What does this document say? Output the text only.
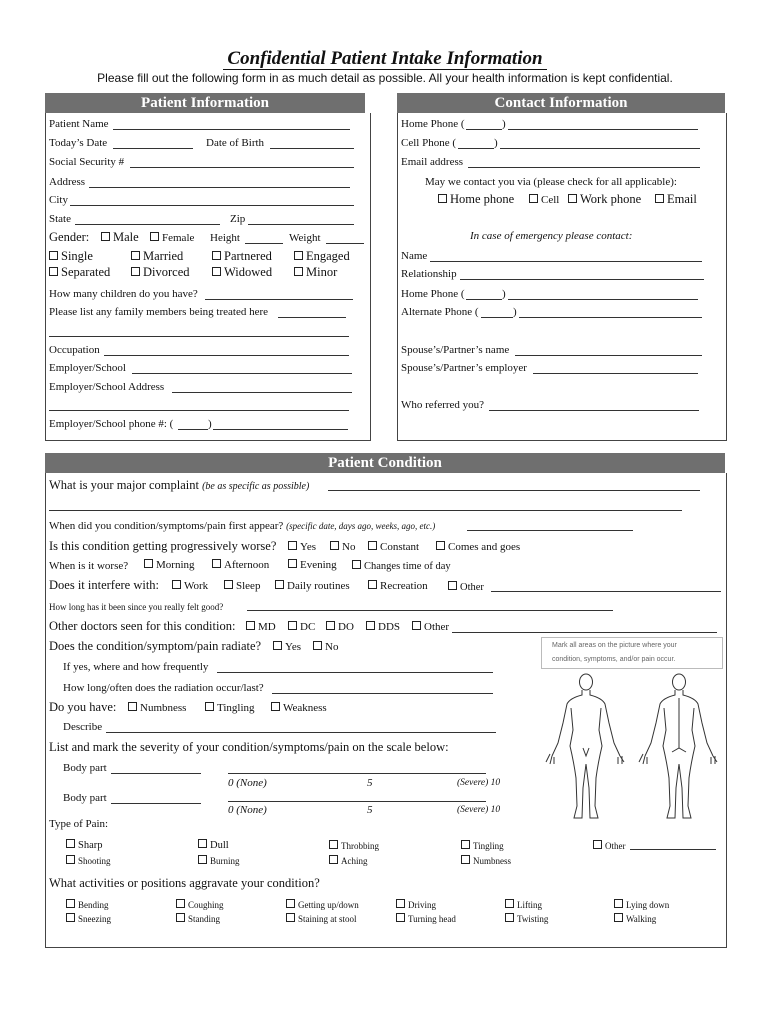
Confidential Patient Intake Information
Please fill out the following form in as much detail as possible. All your health information is kept confidential.
Patient Information
Patient Name
Today’s Date	Date of Birth
Social Security #
Address
City
State	Zip
Gender:	Male	Female Height	Weight
Single	Married	Partnered	Engaged
Separated	Divorced	Widowed	Minor
How many children do you have?
Please list any family members being treated here
Occupation
Employer/School
Employer/School Address
Employer/School phone #: (	)
Contact Information
Home Phone (	)
Cell Phone (	)
Email address
May we contact you via (please check for all applicable):
Home phone	Cell	Work phone	Email
In case of emergency please contact:
Name
Relationship
Home Phone (	)
Alternate Phone (	)
Spouse’s/Partner’s name
Spouse’s/Partner’s employer
Who referred you?
Patient Condition
What is your major complaint (be as specific as possible)
When did you condition/symptoms/pain first appear? (specific date, days ago, weeks, ago, etc.)
Is this condition getting progressively worse?	Yes	No	Constant	Comes and goes
When is it worse?	Morning	Afternoon	Evening	Changes time of day
Does it interfere with:	Work	Sleep	Daily routines	Recreation	Other
How long has it been since you really felt good?
Other doctors seen for this condition:	MD	DC	DO	DDS	Other
Does the condition/symptom/pain radiate?	Yes	No
If yes, where and how frequently
How long/often does the radiation occur/last?
Do you have:	Numbness	Tingling	Weakness
Describe
List and mark the severity of your condition/symptoms/pain on the scale below:
Body part
0 (None)	5	(Severe) 10
Body part
0 (None)	5	(Severe) 10
Mark all areas on the picture where your
condition, symptoms, and/or pain occur.
Type of Pain:
Sharp	Dull	Throbbing	Tingling	Other
Shooting	Burning	Aching	Numbness
What activities or positions aggravate your condition?
Bending	Coughing	Getting up/down	Driving	Lifting	Lying down
Sneezing	Standing	Staining at stool	Turning head	Twisting	Walking
